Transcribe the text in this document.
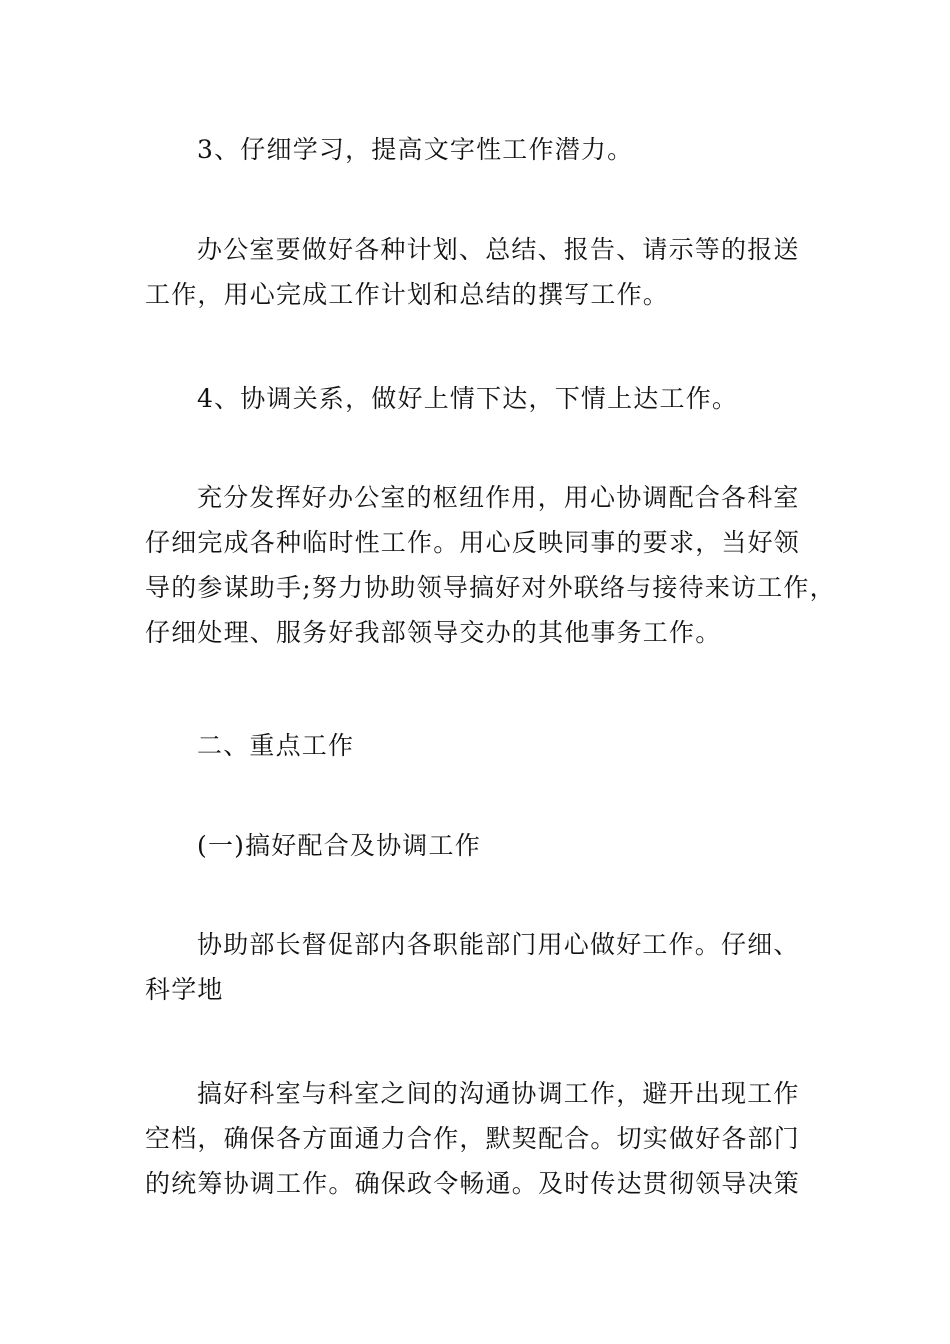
3、仔细学习，提高文字性工作潜力。
办公室要做好各种计划、总结、报告、请示等的报送
工作，用心完成工作计划和总结的撰写工作。
4、协调关系，做好上情下达，下情上达工作。
充分发挥好办公室的枢纽作用，用心协调配合各科室
仔细完成各种临时性工作。用心反映同事的要求，当好领
导的参谋助手;努力协助领导搞好对外联络与接待来访工作，
仔细处理、服务好我部领导交办的其他事务工作。
二、重点工作
(一)搞好配合及协调工作
协助部长督促部内各职能部门用心做好工作。仔细、
科学地
搞好科室与科室之间的沟通协调工作，避开出现工作
空档，确保各方面通力合作，默契配合。切实做好各部门
的统筹协调工作。确保政令畅通。及时传达贯彻领导决策
